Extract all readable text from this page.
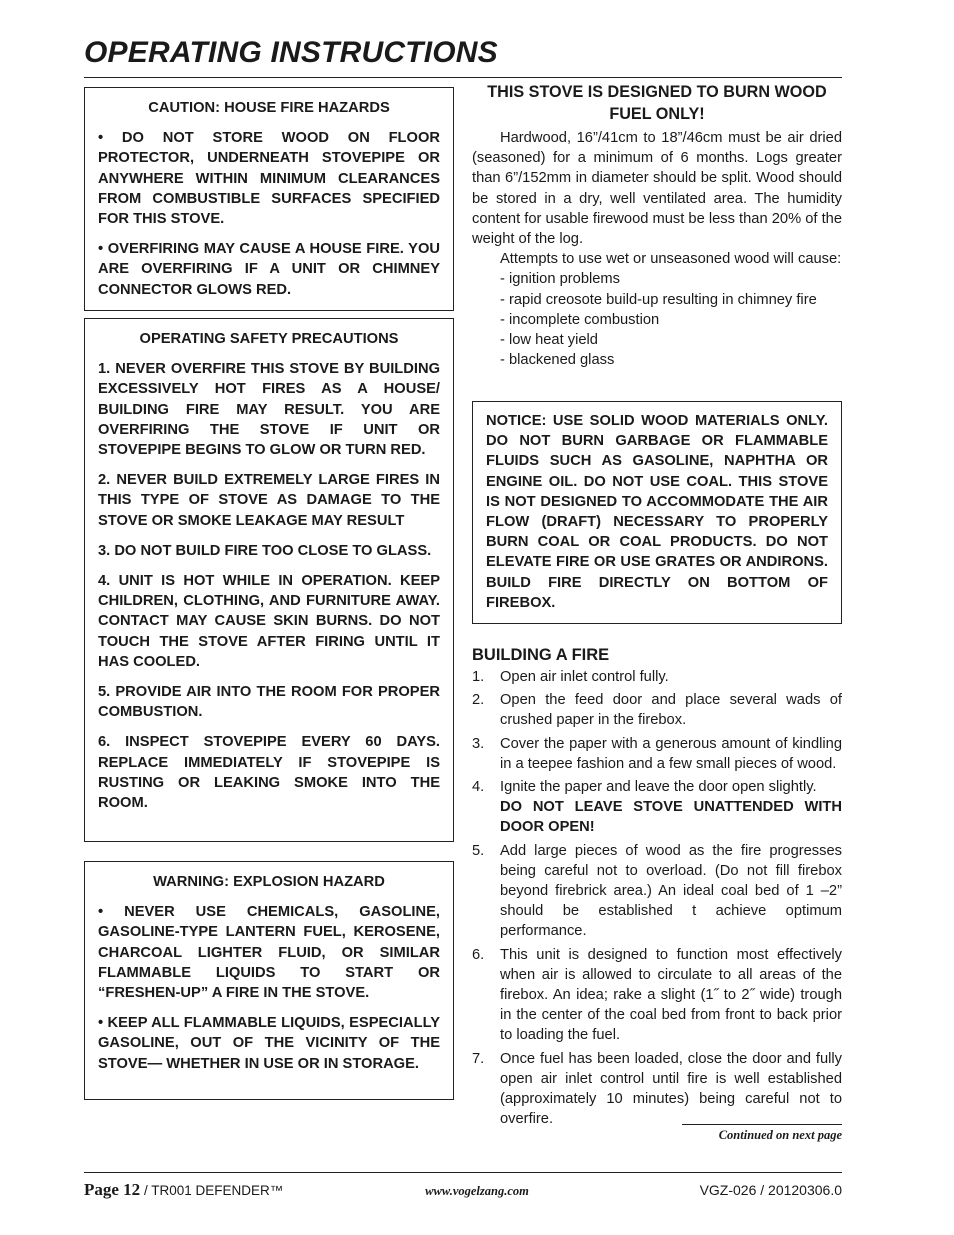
OPERATING INSTRUCTIONS
CAUTION: HOUSE FIRE HAZARDS

• DO NOT STORE WOOD ON FLOOR PROTECTOR, UNDERNEATH STOVEPIPE OR ANYWHERE WITHIN MINIMUM CLEARANCES FROM COMBUSTIBLE SURFACES SPECIFIED FOR THIS STOVE.

• OVERFIRING MAY CAUSE A HOUSE FIRE. YOU ARE OVERFIRING IF A UNIT OR CHIMNEY CONNECTOR GLOWS RED.

OPERATING SAFETY PRECAUTIONS

1. NEVER OVERFIRE THIS STOVE BY BUILDING EXCESSIVELY HOT FIRES AS A HOUSE/ BUILDING FIRE MAY RESULT. YOU ARE OVERFIRING THE STOVE IF UNIT OR STOVEPIPE BEGINS TO GLOW OR TURN RED.

2. NEVER BUILD EXTREMELY LARGE FIRES IN THIS TYPE OF STOVE AS DAMAGE TO THE STOVE OR SMOKE LEAKAGE MAY RESULT

3. DO NOT BUILD FIRE TOO CLOSE TO GLASS.

4. UNIT IS HOT WHILE IN OPERATION. KEEP CHILDREN, CLOTHING, AND FURNITURE AWAY. CONTACT MAY CAUSE SKIN BURNS. DO NOT TOUCH THE STOVE AFTER FIRING UNTIL IT HAS COOLED.

5. PROVIDE AIR INTO THE ROOM FOR PROPER COMBUSTION.

6. INSPECT STOVEPIPE EVERY 60 DAYS. REPLACE IMMEDIATELY IF STOVEPIPE IS RUSTING OR LEAKING SMOKE INTO THE ROOM.

WARNING: EXPLOSION HAZARD

• NEVER USE CHEMICALS, GASOLINE, GASOLINE-TYPE LANTERN FUEL, KEROSENE, CHARCOAL LIGHTER FLUID, OR SIMILAR FLAMMABLE LIQUIDS TO START OR “FRESHEN-UP” A FIRE IN THE STOVE.

• KEEP ALL FLAMMABLE LIQUIDS, ESPECIALLY GASOLINE, OUT OF THE VICINITY OF THE STOVE— WHETHER IN USE OR IN STORAGE.

THIS STOVE IS DESIGNED TO BURN WOOD FUEL ONLY!

Hardwood, 16”/41cm to 18”/46cm must be air dried (seasoned) for a minimum of 6 months. Logs greater than 6”/152mm in diameter should be split. Wood should be stored in a dry, well ventilated area. The humidity content for usable firewood must be less than 20% of the weight of the log.

Attempts to use wet or unseasoned wood will cause:

- ignition problems

- rapid creosote build-up resulting in chimney fire

- incomplete combustion

- low heat yield

- blackened glass

NOTICE: USE SOLID WOOD MATERIALS ONLY. DO NOT BURN GARBAGE OR FLAMMABLE FLUIDS SUCH AS GASOLINE, NAPHTHA OR ENGINE OIL. DO NOT USE COAL. THIS STOVE IS NOT DESIGNED TO ACCOMMODATE THE AIR FLOW (DRAFT) NECESSARY TO PROPERLY BURN COAL OR COAL PRODUCTS. DO NOT ELEVATE FIRE OR USE GRATES OR ANDIRONS. BUILD FIRE DIRECTLY ON BOTTOM OF FIREBOX.

BUILDING A FIRE
1. Open air inlet control fully.
2. Open the feed door and place several wads of crushed paper in the firebox.
3. Cover the paper with a generous amount of kindling in a teepee fashion and a few small pieces of wood.
4. Ignite the paper and leave the door open slightly.
DO NOT LEAVE STOVE UNATTENDED WITH DOOR OPEN!
5. Add large pieces of wood as the fire progresses being careful not to overload. (Do not fill firebox beyond firebrick area.) An ideal coal bed of 1 –2” should be established t achieve optimum performance.
6. This unit is designed to function most effectively when air is allowed to circulate to all areas of the firebox. An idea; rake a slight (1˝ to 2˝ wide) trough in the center of the coal bed from front to back prior to loading the fuel.
7. Once fuel has been loaded, close the door and fully open air inlet control until fire is well established (approximately 10 minutes) being careful not to overfire.
Continued on next page
Page 12 / TR001 DEFENDER™	www.vogelzang.com	VGZ-026 / 20120306.0
